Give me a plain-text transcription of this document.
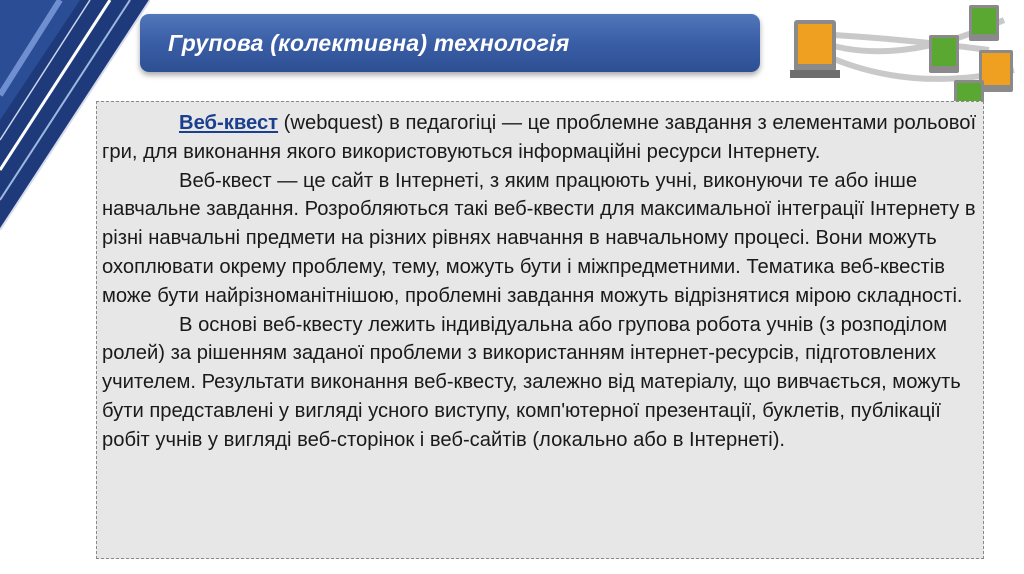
Групова (колективна) технологія

Веб-квест (webquest) в педагогіці — це проблемне завдання з елементами рольової гри, для виконання якого використовуються інформаційні ресурси Інтернету.

Веб-квест — це сайт в Інтернеті, з яким працюють учні, виконуючи те або інше навчальне завдання. Розробляються такі веб-квести для максимальної інтеграції Інтернету в різні навчальні предмети на різних рівнях навчання в навчальному процесі. Вони можуть охоплювати окрему проблему, тему, можуть бути і міжпредметними. Тематика веб-квестів може бути найрізноманітнішою, проблемні завдання можуть відрізнятися мірою складності.

В основі веб-квесту лежить індивідуальна або групова робота учнів (з розподілом ролей) за рішенням заданої проблеми з використанням інтернет-ресурсів, підготовлених учителем. Результати виконання веб-квесту, залежно від матеріалу, що вивчається, можуть бути представлені у вигляді усного виступу, комп'ютерної презентації, буклетів, публікації робіт учнів у вигляді веб-сторінок і веб-сайтів (локально або в Інтернеті).
